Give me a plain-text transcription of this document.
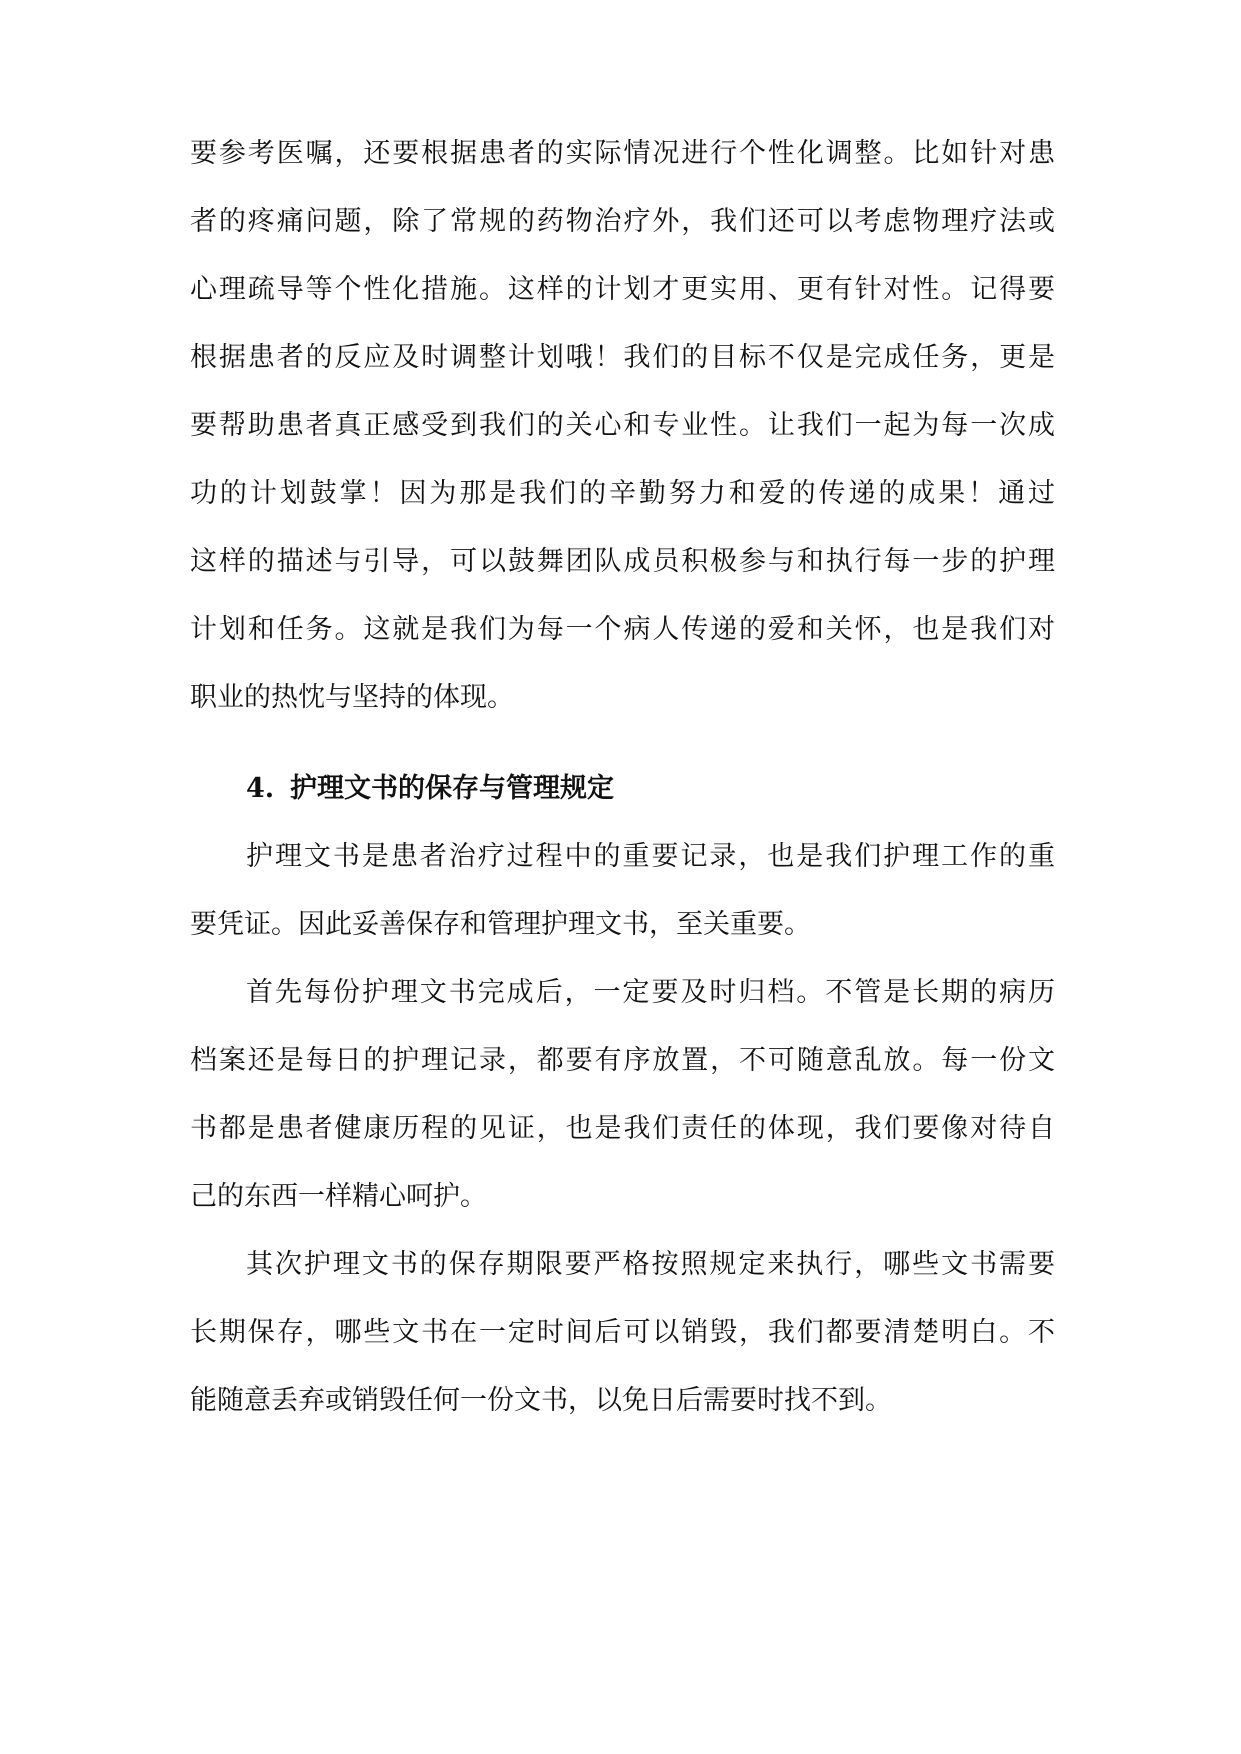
要参考医嘱，还要根据患者的实际情况进行个性化调整。比如针对患
者的疼痛问题，除了常规的药物治疗外，我们还可以考虑物理疗法或
心理疏导等个性化措施。这样的计划才更实用、更有针对性。记得要
根据患者的反应及时调整计划哦！我们的目标不仅是完成任务，更是
要帮助患者真正感受到我们的关心和专业性。让我们一起为每一次成
功的计划鼓掌！因为那是我们的辛勤努力和爱的传递的成果！通过
这样的描述与引导，可以鼓舞团队成员积极参与和执行每一步的护理
计划和任务。这就是我们为每一个病人传递的爱和关怀，也是我们对
职业的热忱与坚持的体现。
4. 护理文书的保存与管理规定
护理文书是患者治疗过程中的重要记录，也是我们护理工作的重
要凭证。因此妥善保存和管理护理文书，至关重要。
首先每份护理文书完成后，一定要及时归档。不管是长期的病历
档案还是每日的护理记录，都要有序放置，不可随意乱放。每一份文
书都是患者健康历程的见证，也是我们责任的体现，我们要像对待自
己的东西一样精心呵护。
其次护理文书的保存期限要严格按照规定来执行，哪些文书需要
长期保存，哪些文书在一定时间后可以销毁，我们都要清楚明白。不
能随意丢弃或销毁任何一份文书，以免日后需要时找不到。
